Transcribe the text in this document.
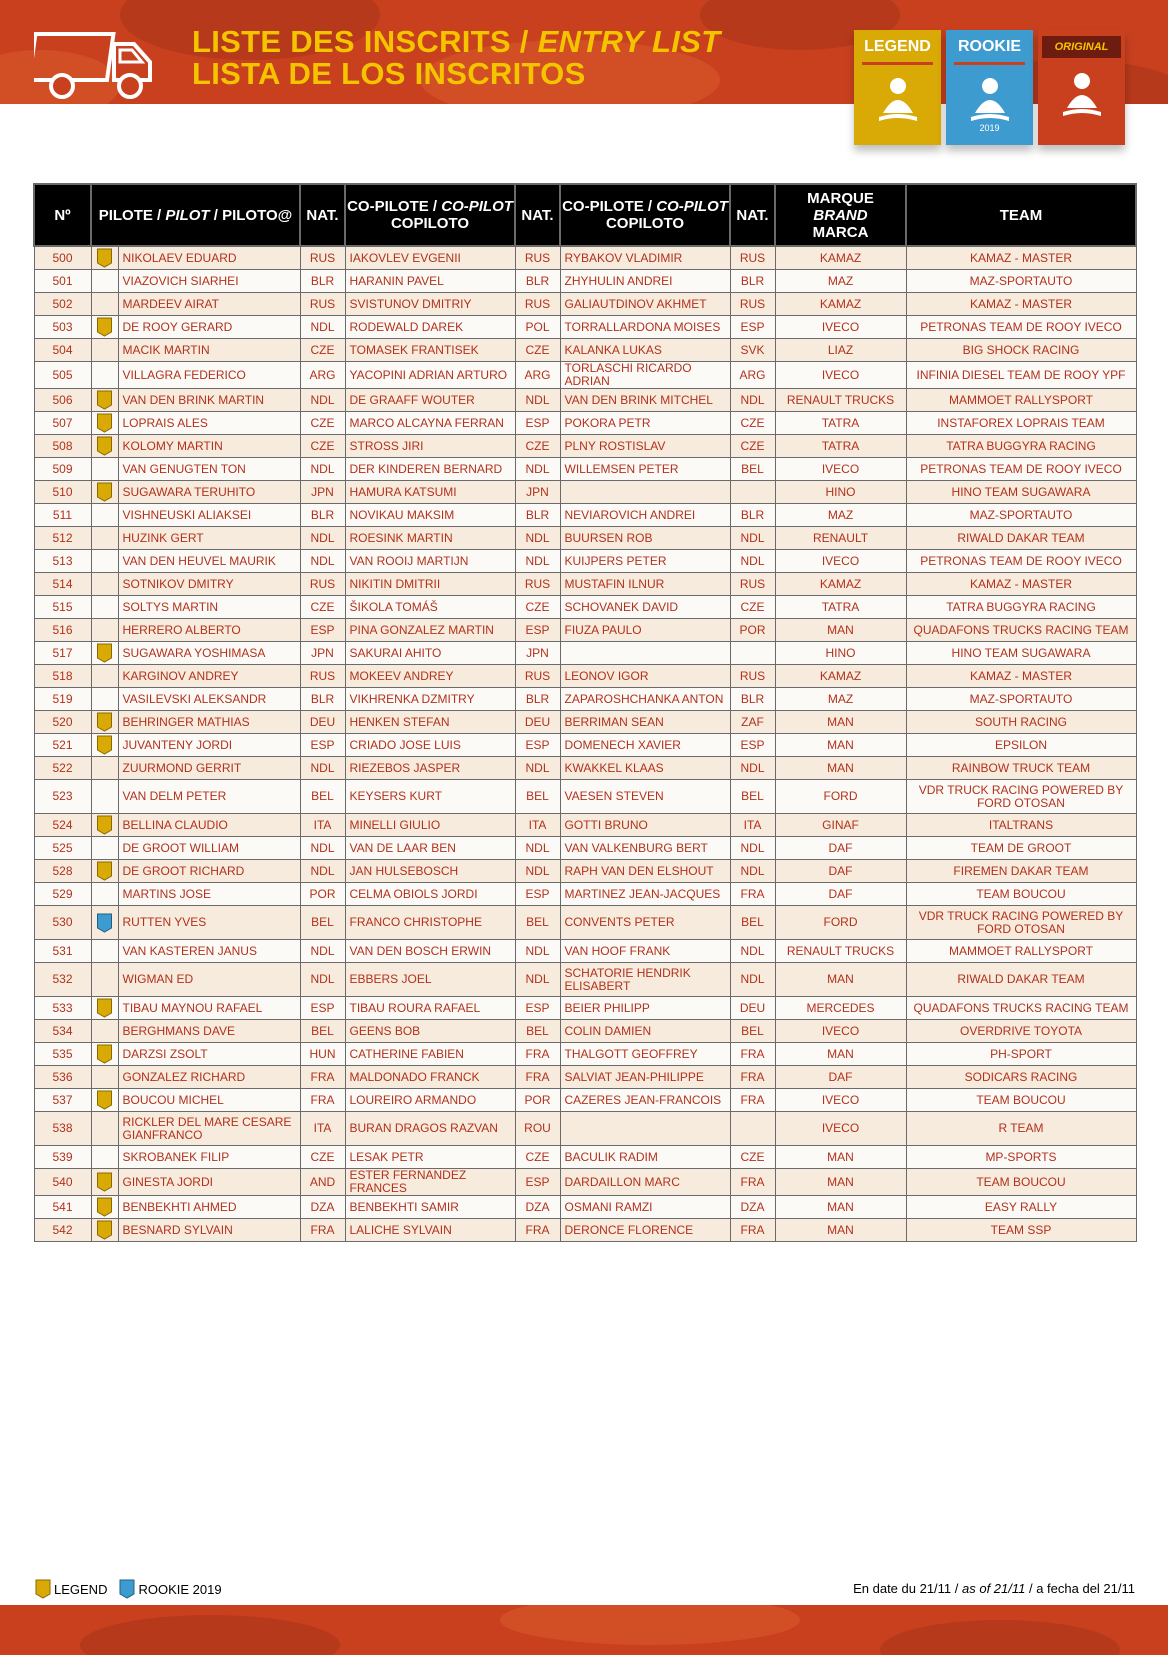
LISTE DES INSCRITS / ENTRY LIST
LISTA DE LOS INSCRITOS
LEGEND	ROOKIE
2019
ORIGINAL
Nº	PILOTE / PILOT / PILOTO@		NAT.	CO-PILOTE / CO-PILOT
COPILOTO	NAT.	CO-PILOTE / CO-PILOT
COPILOTO	NAT.	MARQUE
BRAND
MARCA	TEAM
500		NIKOLAEV EDUARD	RUS	IAKOVLEV EVGENII	RUS	RYBAKOV VLADIMIR	RUS	KAMAZ	KAMAZ - MASTER
501		VIAZOVICH SIARHEI	BLR	HARANIN PAVEL	BLR	ZHYHULIN ANDREI	BLR	MAZ	MAZ-SPORTAUTO
502		MARDEEV AIRAT	RUS	SVISTUNOV DMITRIY	RUS	GALIAUTDINOV AKHMET	RUS	KAMAZ	KAMAZ - MASTER
503		DE ROOY GERARD	NDL	RODEWALD DAREK	POL	TORRALLARDONA MOISES	ESP	IVECO	PETRONAS TEAM DE ROOY IVECO
504		MACIK MARTIN	CZE	TOMASEK FRANTISEK	CZE	KALANKA LUKAS	SVK	LIAZ	BIG SHOCK RACING
505		VILLAGRA FEDERICO	ARG	YACOPINI ADRIAN ARTURO	ARG	TORLASCHI RICARDO ADRIAN	ARG	IVECO	INFINIA DIESEL TEAM DE ROOY YPF
506		VAN DEN BRINK MARTIN	NDL	DE GRAAFF WOUTER	NDL	VAN DEN BRINK MITCHEL	NDL	RENAULT TRUCKS	MAMMOET RALLYSPORT
507		LOPRAIS ALES	CZE	MARCO ALCAYNA FERRAN	ESP	POKORA PETR	CZE	TATRA	INSTAFOREX LOPRAIS TEAM
508		KOLOMY MARTIN	CZE	STROSS JIRI	CZE	PLNY ROSTISLAV	CZE	TATRA	TATRA BUGGYRA RACING
509		VAN GENUGTEN TON	NDL	DER KINDEREN BERNARD	NDL	WILLEMSEN PETER	BEL	IVECO	PETRONAS TEAM DE ROOY IVECO
510		SUGAWARA TERUHITO	JPN	HAMURA KATSUMI	JPN			HINO	HINO TEAM SUGAWARA
511		VISHNEUSKI ALIAKSEI	BLR	NOVIKAU MAKSIM	BLR	NEVIAROVICH ANDREI	BLR	MAZ	MAZ-SPORTAUTO
512		HUZINK GERT	NDL	ROESINK MARTIN	NDL	BUURSEN ROB	NDL	RENAULT	RIWALD DAKAR TEAM
513		VAN DEN HEUVEL MAURIK	NDL	VAN ROOIJ MARTIJN	NDL	KUIJPERS PETER	NDL	IVECO	PETRONAS TEAM DE ROOY IVECO
514		SOTNIKOV DMITRY	RUS	NIKITIN DMITRII	RUS	MUSTAFIN ILNUR	RUS	KAMAZ	KAMAZ - MASTER
515		SOLTYS MARTIN	CZE	ŠIKOLA TOMÁŠ	CZE	SCHOVANEK DAVID	CZE	TATRA	TATRA BUGGYRA RACING
516		HERRERO ALBERTO	ESP	PINA GONZALEZ MARTIN	ESP	FIUZA PAULO	POR	MAN	QUADAFONS TRUCKS RACING TEAM
517		SUGAWARA YOSHIMASA	JPN	SAKURAI AHITO	JPN			HINO	HINO TEAM SUGAWARA
518		KARGINOV ANDREY	RUS	MOKEEV ANDREY	RUS	LEONOV IGOR	RUS	KAMAZ	KAMAZ - MASTER
519		VASILEVSKI ALEKSANDR	BLR	VIKHRENKA DZMITRY	BLR	ZAPAROSHCHANKA ANTON	BLR	MAZ	MAZ-SPORTAUTO
520		BEHRINGER MATHIAS	DEU	HENKEN STEFAN	DEU	BERRIMAN SEAN	ZAF	MAN	SOUTH RACING
521		JUVANTENY JORDI	ESP	CRIADO JOSE LUIS	ESP	DOMENECH XAVIER	ESP	MAN	EPSILON
522		ZUURMOND GERRIT	NDL	RIEZEBOS JASPER	NDL	KWAKKEL KLAAS	NDL	MAN	RAINBOW TRUCK TEAM
523		VAN DELM PETER	BEL	KEYSERS KURT	BEL	VAESEN STEVEN	BEL	FORD	VDR TRUCK RACING POWERED BY FORD OTOSAN
524		BELLINA CLAUDIO	ITA	MINELLI GIULIO	ITA	GOTTI BRUNO	ITA	GINAF	ITALTRANS
525		DE GROOT WILLIAM	NDL	VAN DE LAAR BEN	NDL	VAN VALKENBURG BERT	NDL	DAF	TEAM DE GROOT
528		DE GROOT RICHARD	NDL	JAN HULSEBOSCH	NDL	RAPH VAN DEN ELSHOUT	NDL	DAF	FIREMEN DAKAR TEAM
529		MARTINS JOSE	POR	CELMA OBIOLS JORDI	ESP	MARTINEZ JEAN-JACQUES	FRA	DAF	TEAM BOUCOU
530		RUTTEN YVES	BEL	FRANCO CHRISTOPHE	BEL	CONVENTS PETER	BEL	FORD	VDR TRUCK RACING POWERED BY FORD OTOSAN
531		VAN KASTEREN JANUS	NDL	VAN DEN BOSCH ERWIN	NDL	VAN HOOF FRANK	NDL	RENAULT TRUCKS	MAMMOET RALLYSPORT
532		WIGMAN ED	NDL	EBBERS JOEL	NDL	SCHATORIE HENDRIK ELISABERT	NDL	MAN	RIWALD DAKAR TEAM
533		TIBAU MAYNOU RAFAEL	ESP	TIBAU ROURA RAFAEL	ESP	BEIER PHILIPP	DEU	MERCEDES	QUADAFONS TRUCKS RACING TEAM
534		BERGHMANS DAVE	BEL	GEENS BOB	BEL	COLIN DAMIEN	BEL	IVECO	OVERDRIVE TOYOTA
535		DARZSI ZSOLT	HUN	CATHERINE FABIEN	FRA	THALGOTT GEOFFREY	FRA	MAN	PH-SPORT
536		GONZALEZ RICHARD	FRA	MALDONADO FRANCK	FRA	SALVIAT JEAN-PHILIPPE	FRA	DAF	SODICARS RACING
537		BOUCOU MICHEL	FRA	LOUREIRO ARMANDO	POR	CAZERES JEAN-FRANCOIS	FRA	IVECO	TEAM BOUCOU
538		RICKLER DEL MARE CESARE GIANFRANCO	ITA	BURAN DRAGOS RAZVAN	ROU			IVECO	R TEAM
539		SKROBANEK FILIP	CZE	LESAK PETR	CZE	BACULIK RADIM	CZE	MAN	MP-SPORTS
540		GINESTA JORDI	AND	ESTER FERNANDEZ FRANCES	ESP	DARDAILLON MARC	FRA	MAN	TEAM BOUCOU
541		BENBEKHTI AHMED	DZA	BENBEKHTI SAMIR	DZA	OSMANI RAMZI	DZA	MAN	EASY RALLY
542		BESNARD SYLVAIN	FRA	LALICHE SYLVAIN	FRA	DERONCE FLORENCE	FRA	MAN	TEAM SSP
LEGEND ROOKIE 2019	En date du 21/11 / as of 21/11 / a fecha del 21/11
